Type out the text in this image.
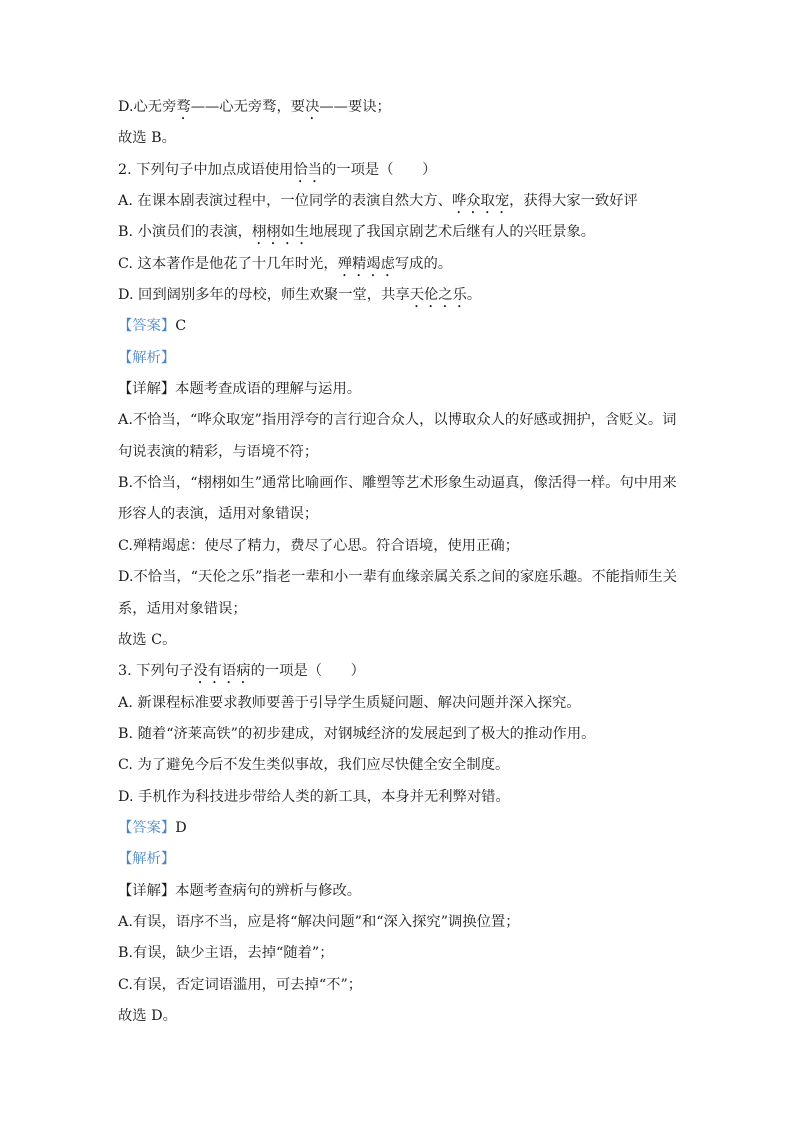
D.心无旁骛——心无旁骛，要决——要诀；
故选 B。
2. 下列句子中加点成语使用恰当的一项是（　　）
A. 在课本剧表演过程中，一位同学的表演自然大方、哗众取宠，获得大家一致好评
B. 小演员们的表演，栩栩如生地展现了我国京剧艺术后继有人的兴旺景象。
C. 这本著作是他花了十几年时光，殚精竭虑写成的。
D. 回到阔别多年的母校，师生欢聚一堂，共享天伦之乐。
【答案】C
【解析】
【详解】本题考查成语的理解与运用。
A.不恰当，“哗众取宠”指用浮夸的言行迎合众人，以博取众人的好感或拥护，含贬义。词
句说表演的精彩，与语境不符；
B.不恰当，“栩栩如生”通常比喻画作、雕塑等艺术形象生动逼真，像活得一样。句中用来
形容人的表演，适用对象错误；
C.殚精竭虑：使尽了精力，费尽了心思。符合语境，使用正确；
D.不恰当，“天伦之乐”指老一辈和小一辈有血缘亲属关系之间的家庭乐趣。不能指师生关
系，适用对象错误；
故选 C。
3. 下列句子没有语病的一项是（　　）
A. 新课程标准要求教师要善于引导学生质疑问题、解决问题并深入探究。
B. 随着“济莱高铁”的初步建成，对钢城经济的发展起到了极大的推动作用。
C. 为了避免今后不发生类似事故，我们应尽快健全安全制度。
D. 手机作为科技进步带给人类的新工具，本身并无利弊对错。
【答案】D
【解析】
【详解】本题考查病句的辨析与修改。
A.有误，语序不当，应是将“解决问题”和“深入探究”调换位置；
B.有误，缺少主语，去掉“随着”；
C.有误，否定词语滥用，可去掉“不”；
故选 D。
